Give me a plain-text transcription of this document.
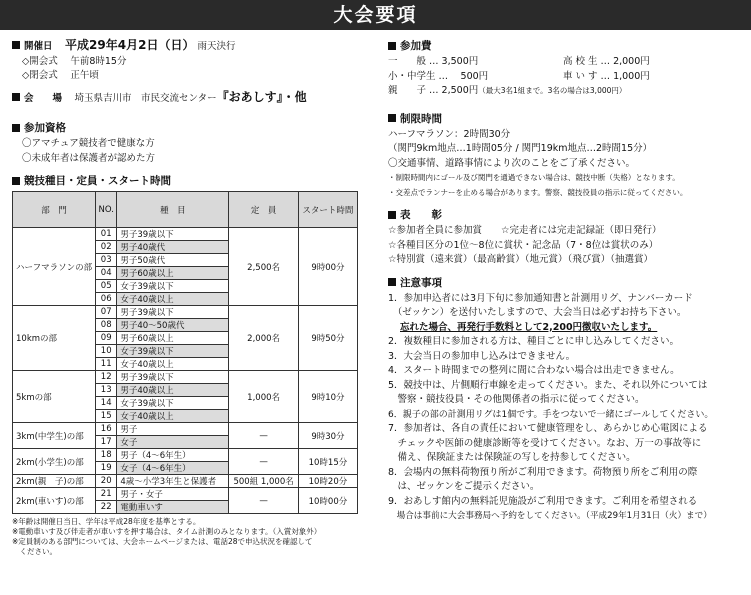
大会要項
開催日　 平成29年4月2日（日） 雨天決行
◇開会式　 午前8時15分
◇閉会式　 正午頃
会　　場　 埼玉県吉川市　市民交流センター『おあしす』・他
参加資格
〇アマチュア競技者で健康な方
〇未成年者は保護者が認めた方
競技種目・定員・スタート時間
部　門	NO.	種　目	定　員	スタート時間
ハーフマラソンの部	01	男子39歳以下	2,500名	9時00分
	02	男子40歳代		
	03	男子50歳代		
	04	男子60歳以上		
	05	女子39歳以下		
	06	女子40歳以上		
10kmの部	07	男子39歳以下	2,000名	9時50分
	08	男子40〜50歳代		
	09	男子60歳以上		
	10	女子39歳以下		
	11	女子40歳以上		
5kmの部	12	男子39歳以下	1,000名	9時10分
	13	男子40歳以上		
	14	女子39歳以下		
	15	女子40歳以上		
3km(中学生)の部	16	男子	—	9時30分
	17	女子		
2km(小学生)の部	18	男子（4〜6年生）	—	10時15分
	19	女子（4〜6年生）		
2km(親　子)の部	20	4歳〜小学3年生と保護者	500組 1,000名	10時20分
2km(車いす)の部	21	男子・女子	—	10時00分
	22	電動車いす		
※年齢は開催日当日、学年は平成28年度を基準とする。
※電動車いす及び伴走者が車いすを押す場合は、タイム計測のみとなります。（入賞対象外）
※定員制のある部門については、大会ホームページまたは、電話28で申込状況を確認して
　ください。
参加費
一　　般 … 3,500円	高 校 生 … 2,000円
小・中学生 … 　500円	車 い す … 1,000円
親　　子 … 2,500円 （最大3名1組まで。3名の場合は3,000円）
制限時間
ハーフマラソン：2時間30分
（関門9km地点…1時間05分 / 関門19km地点…2時間15分）
〇交通事情、道路事情により次のことをご了承ください。
・制限時間内にゴール及び関門を通過できない場合は、競技中断（失格）となります。
・交差点でランナーを止める場合があります。警察、競技役員の指示に従ってください。
表　　彰
☆参加者全員に参加賞　　☆完走者には完走記録証（即日発行）
☆各種目区分の1位〜8位に賞状・記念品（7・8位は賞状のみ）
☆特別賞（遠来賞）（最高齢賞）（地元賞）（飛び賞）（抽選賞）
注意事項
1．参加申込者には3月下旬に参加通知書と計測用リグ、ナンバーカード
　（ゼッケン）を送付いたしますので、大会当日は必ずお持ち下さい。
忘れた場合、再発行手数料として2,200円徴収いたします。
2．複数種目に参加される方は、種目ごとに申し込みしてください。
3．大会当日の参加申し込みはできません。
4．スタート時間までの整列に間に合わない場合は出走できません。
5．競技中は、片側順行車線を走ってください。また、それ以外については
　警察・競技役員・その他関係者の指示に従ってください。
6．親子の部の計測用リグは1個です。手をつないで一緒にゴールしてください。
7．参加者は、各自の責任において健康管理をし、あらかじめ心電図による
　チェックや医師の健康診断等を受けてください。なお、万一の事故等に
　備え、保険証または保険証の写しを持参してください。
8．会場内の無料荷物預り所がご利用できます。荷物預り所をご利用の際
　は、ゼッケンをご提示ください。
9．おあしす館内の無料託児施設がご利用できます。ご利用を希望される
　場合は事前に大会事務局へ予約をしてください。（平成29年1月31日（火）まで）
